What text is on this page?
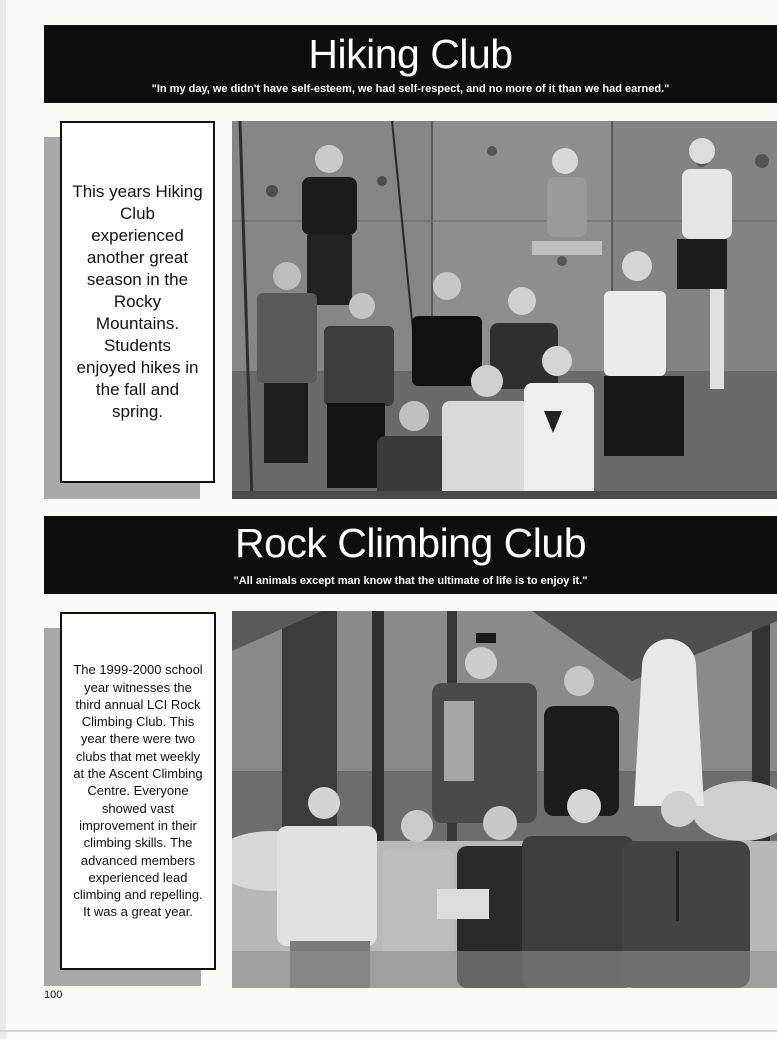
Hiking Club
"In my day, we didn't have self-esteem, we had self-respect, and no more of it than we had earned."

This years Hiking Club experienced another great season in the Rocky Mountains. Students enjoyed hikes in the fall and spring.

Rock Climbing Club
"All animals except man know that the ultimate of life is to enjoy it."

The 1999-2000 school year witnesses the third annual LCI Rock Climbing Club. This year there were two clubs that met weekly at the Ascent Climbing Centre. Everyone showed vast improvement in their climbing skills. The advanced members experienced lead climbing and repelling. It was a great year.

100
